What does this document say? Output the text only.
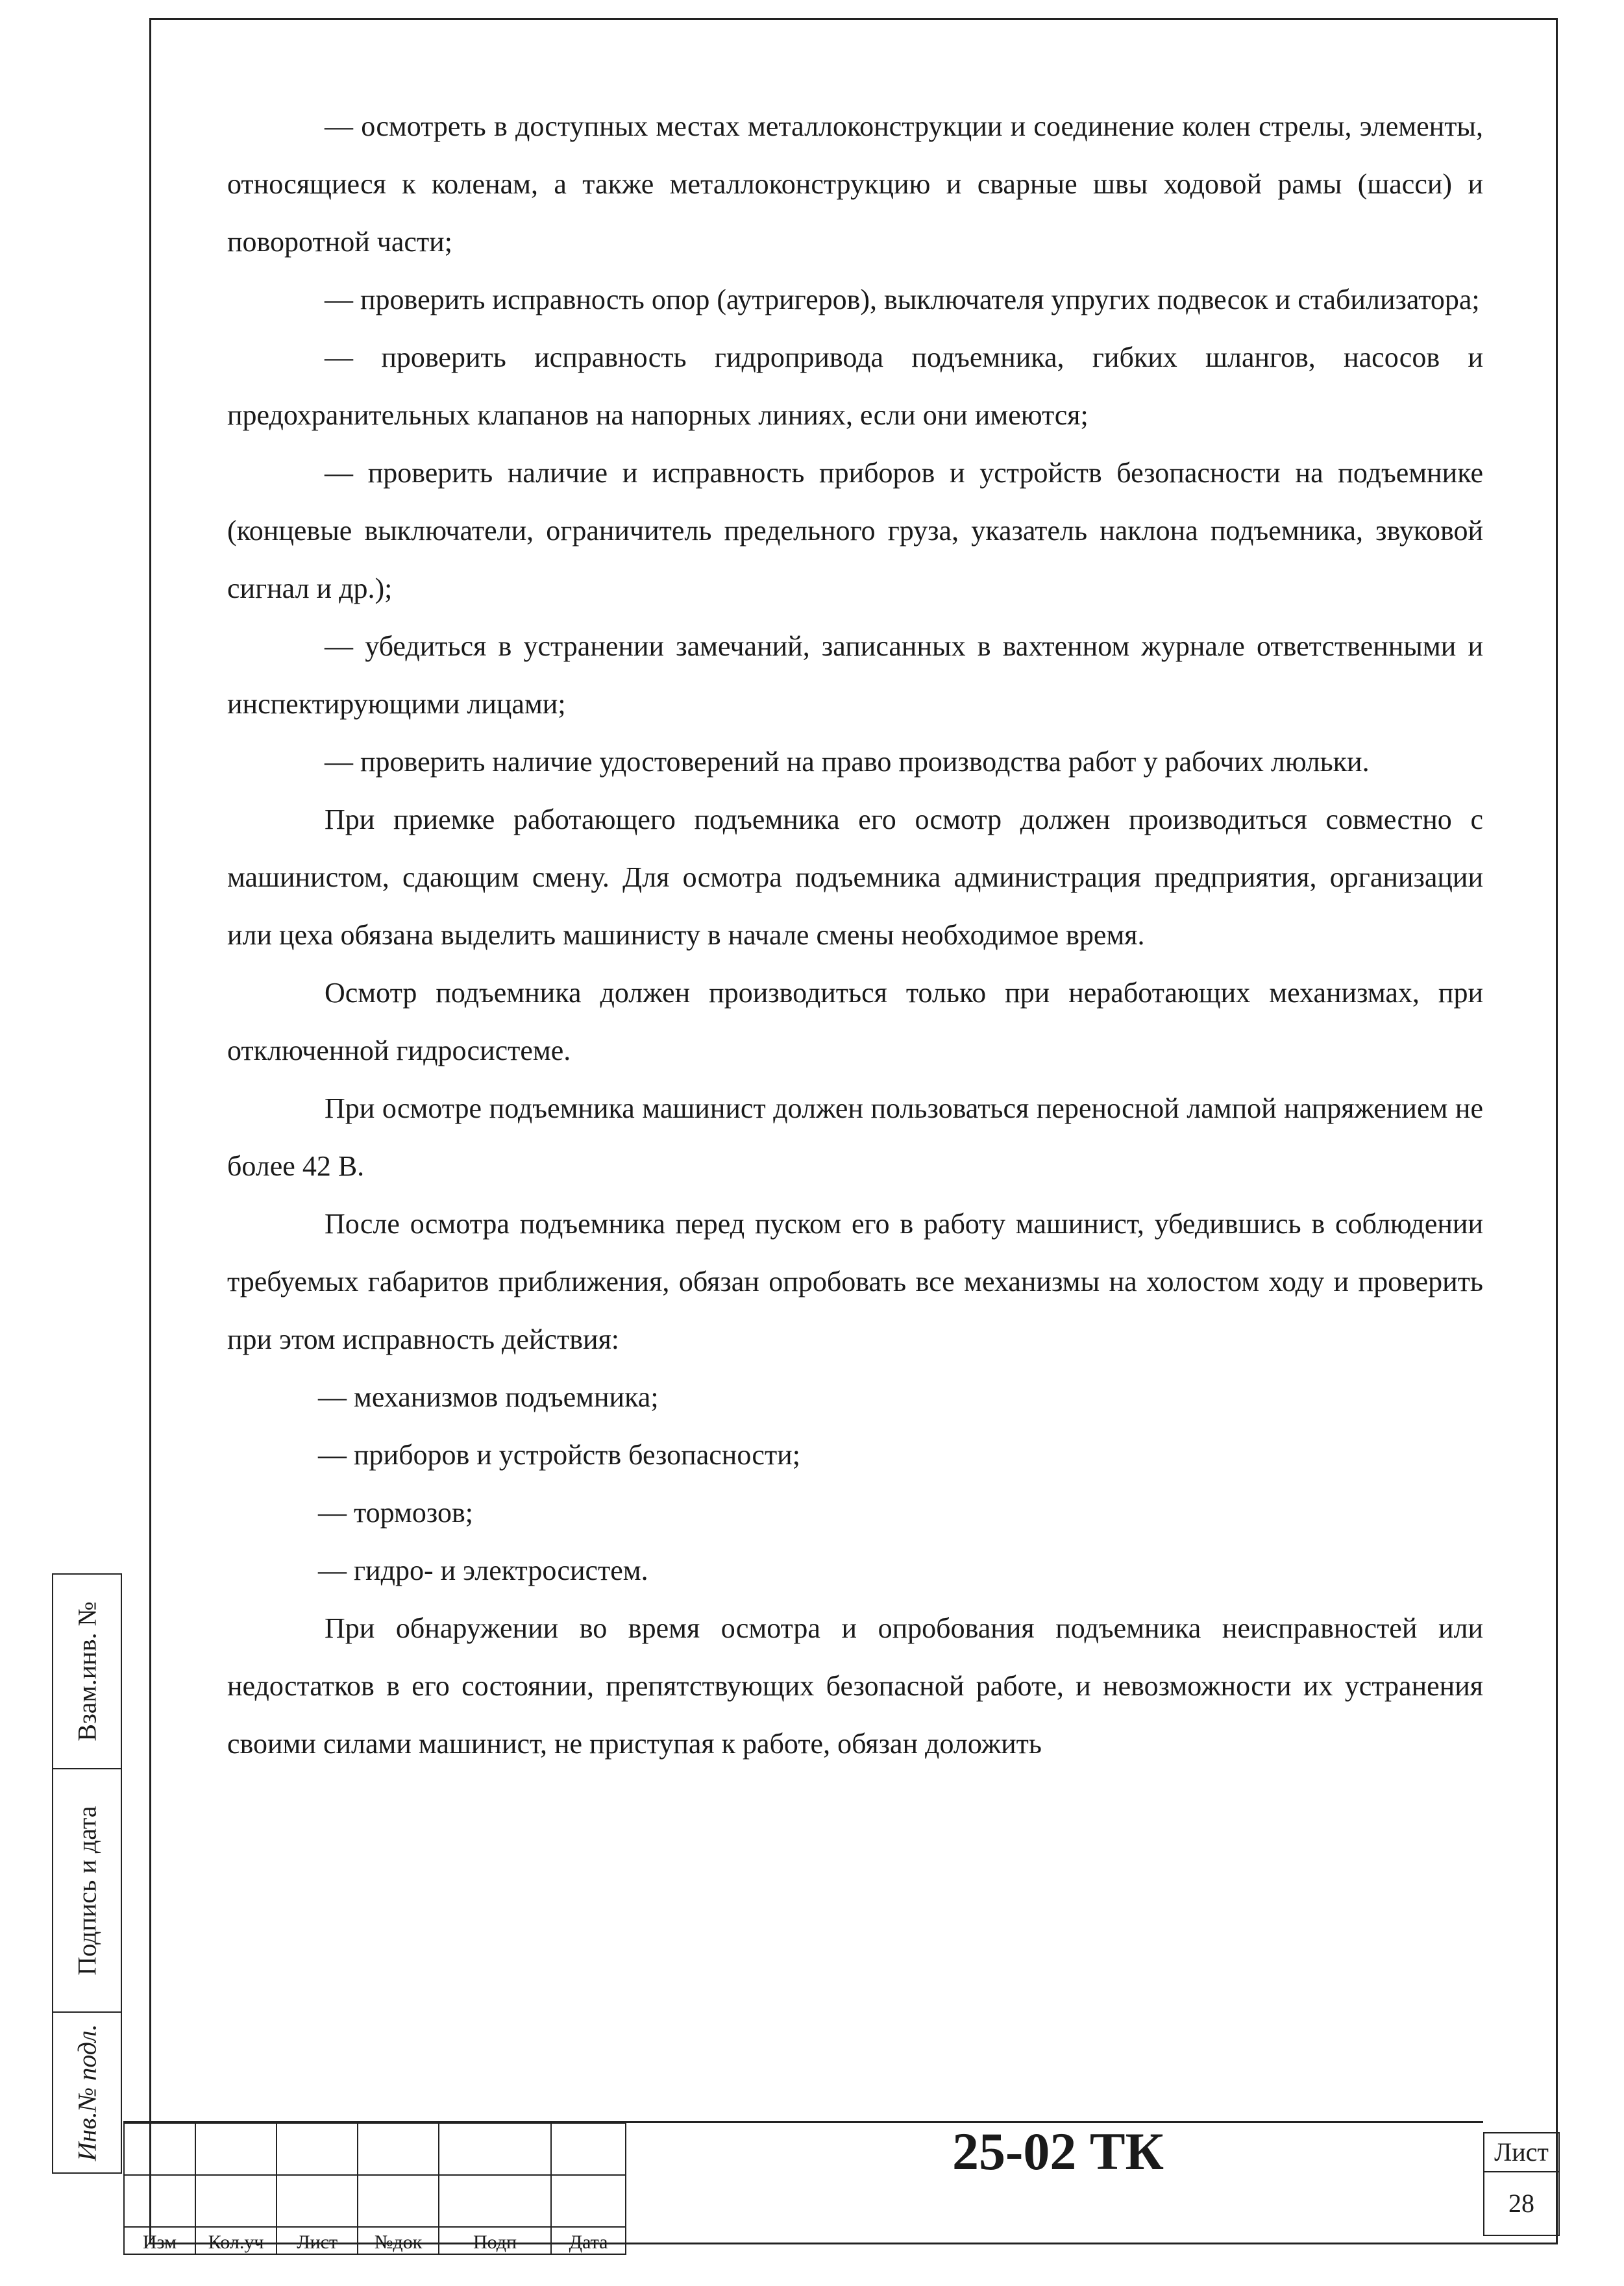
— осмотреть в доступных местах металлоконструкции и соединение колен стрелы, элементы, относящиеся к коленам, а также металлоконструкцию и сварные швы ходовой рамы (шасси) и поворотной части;

— проверить исправность опор (аутригеров), выключателя упругих подвесок и стабилизатора;

— проверить исправность гидропривода подъемника, гибких шлангов, насосов и предохранительных клапанов на напорных линиях, если они имеются;

— проверить наличие и исправность приборов и устройств безопасности на подъемнике (концевые выключатели, ограничитель предельного груза, указатель наклона подъемника, звуковой сигнал и др.);

— убедиться в устранении замечаний, записанных в вахтенном журнале ответственными и инспектирующими лицами;

— проверить наличие удостоверений на право производства работ у рабочих люльки.

При приемке работающего подъемника его осмотр должен производиться совместно с машинистом, сдающим смену. Для осмотра подъемника администрация предприятия, организации или цеха обязана выделить машинисту в начале смены необходимое время.

Осмотр подъемника должен производиться только при неработающих механизмах, при отключенной гидросистеме.

При осмотре подъемника машинист должен пользоваться переносной лампой напряжением не более 42 В.

После осмотра подъемника перед пуском его в работу машинист, убедившись в соблюдении требуемых габаритов приближения, обязан опробовать все механизмы на холостом ходу и проверить при этом исправность действия:

— механизмов подъемника;

— приборов и устройств безопасности;

— тормозов;

— гидро- и электросистем.

При обнаружении во время осмотра и опробования подъемника неисправностей или недостатков в его состоянии, препятствующих безопасной работе, и невозможности их устранения своими силами машинист, не приступая к работе, обязан доложить

Взам.инв. №
Подпись и дата
Инв.№ подл.

Изм	Кол.уч	Лист	№док	Подп	Дата
25-02 ТК	Лист
28
